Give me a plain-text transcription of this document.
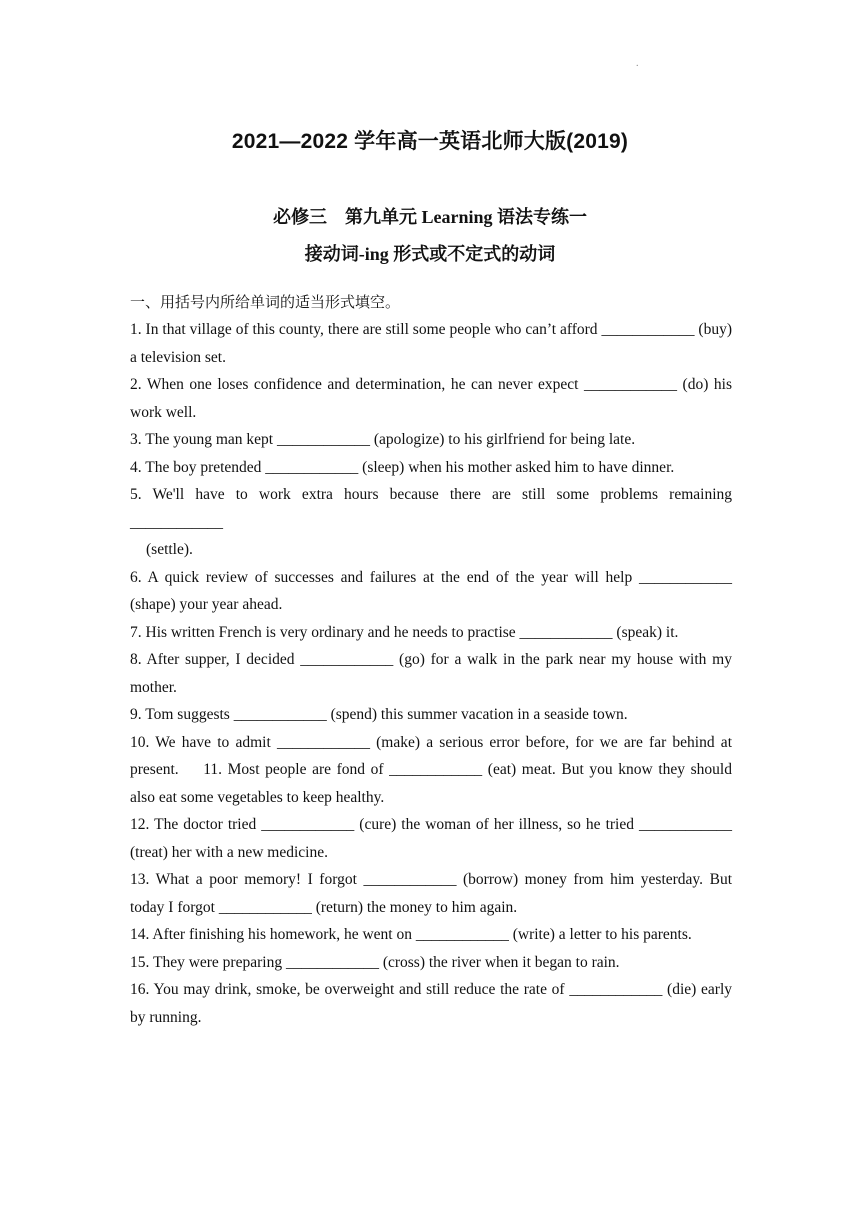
.
2021—2022 学年高一英语北师大版(2019)
必修三　第九单元 Learning 语法专练一
接动词-ing 形式或不定式的动词
一、用括号内所给单词的适当形式填空。

1. In that village of this county, there are still some people who can’t afford ____________ (buy) a television set.

2. When one loses confidence and determination, he can never expect ____________ (do) his work well.

3. The young man kept ____________ (apologize) to his girlfriend for being late.

4. The boy pretended ____________ (sleep) when his mother asked him to have dinner.

5. We'll have to work extra hours because there are still some problems remaining ____________

(settle).

6. A quick review of successes and failures at the end of the year will help ____________ (shape) your year ahead.

7. His written French is very ordinary and he needs to practise ____________ (speak) it.

8. After supper, I decided ____________ (go) for a walk in the park near my house with my　mother.

9. Tom suggests ____________ (spend) this summer vacation in a seaside town.

10. We have to admit ____________ (make) a serious error before, for we are far behind at present.　 11. Most people are fond of ____________ (eat) meat. But you know they should also eat some vegetables to keep healthy.

12. The doctor tried ____________ (cure) the woman of her illness, so he tried ____________ (treat) her with a new medicine.

13. What a poor memory! I forgot ____________ (borrow) money from him yesterday. But today I forgot ____________ (return) the money to him again.

14. After finishing his homework, he went on ____________ (write) a letter to his parents.

15. They were preparing ____________ (cross) the river when it began to rain.

16. You may drink, smoke, be overweight and still reduce the rate of ____________ (die) early by running.
